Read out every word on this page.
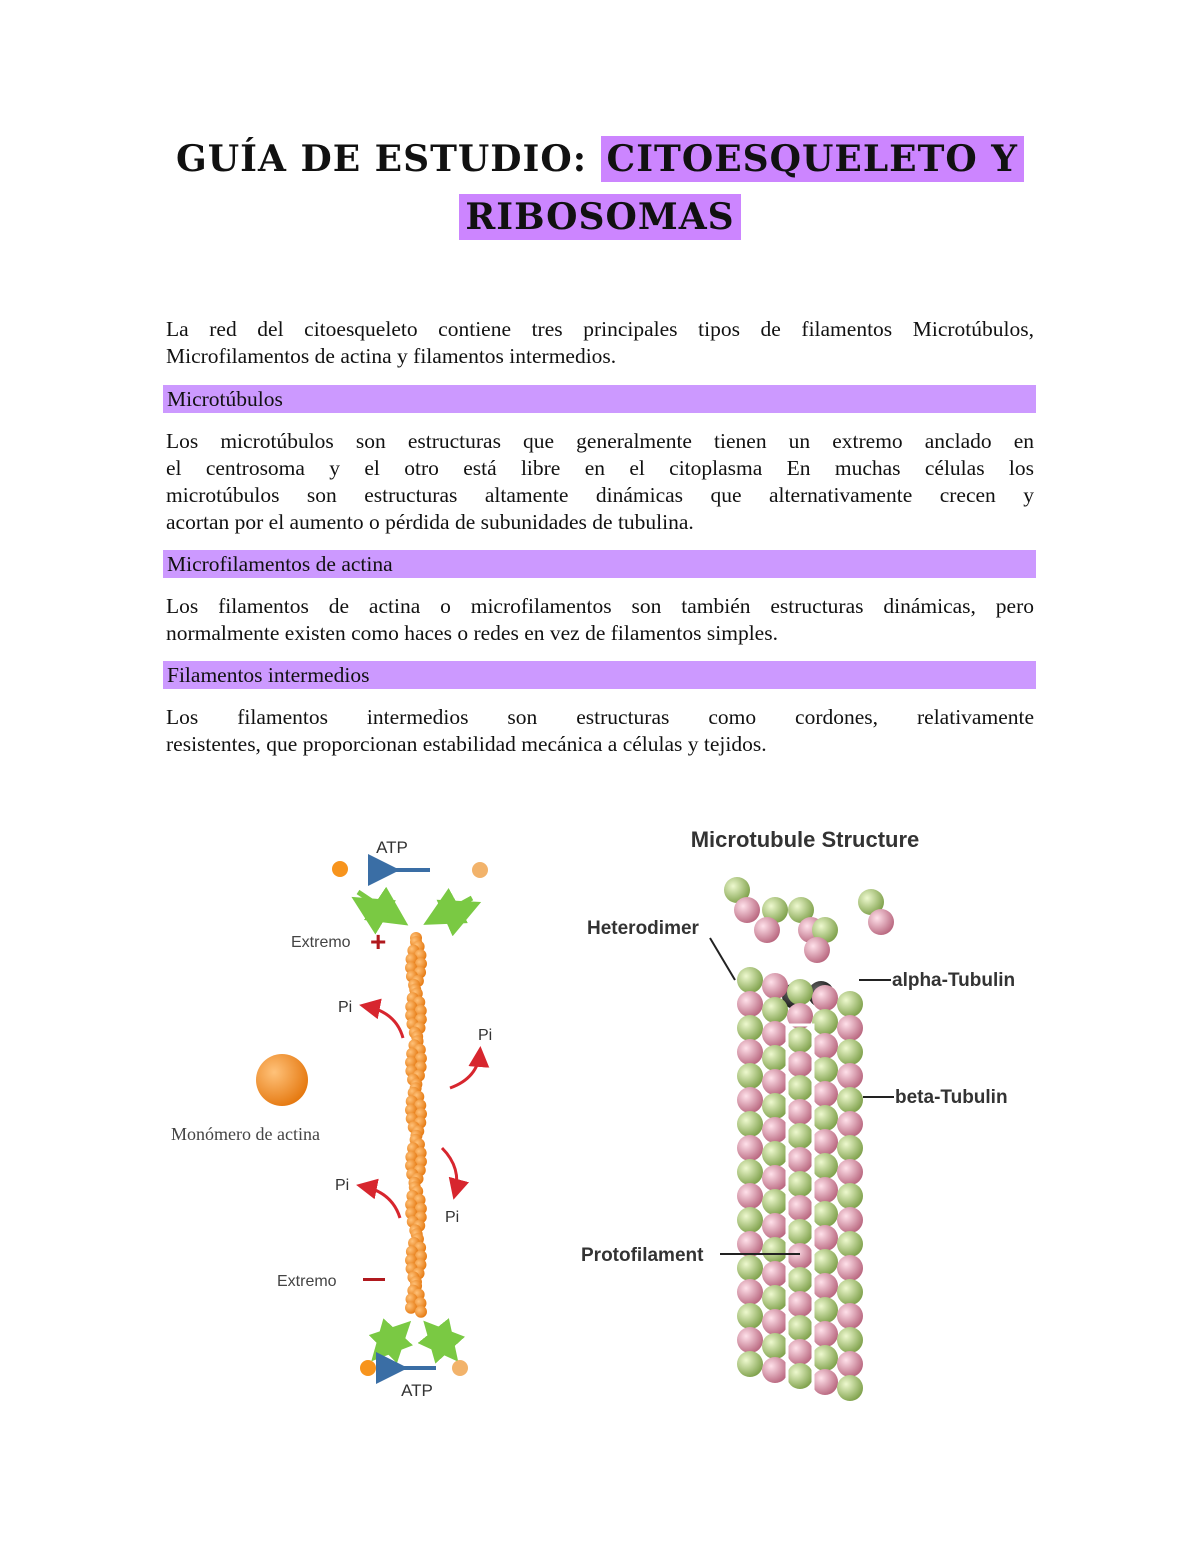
GUÍA DE ESTUDIO: CITOESQUELETO Y
RIBOSOMAS

La red del citoesqueleto contiene tres principales tipos de filamentos Microtúbulos,

Microfilamentos de actina y filamentos intermedios.

Microtúbulos

Los microtúbulos son estructuras que generalmente tienen un extremo anclado en

el centrosoma y el otro está libre en el citoplasma En muchas células los

microtúbulos son estructuras altamente dinámicas que alternativamente crecen y

acortan por el aumento o pérdida de subunidades de tubulina.

Microfilamentos de actina

Los filamentos de actina o microfilamentos son también estructuras dinámicas, pero

normalmente existen como haces o redes en vez de filamentos simples.

Filamentos intermedios

Los filamentos intermedios son estructuras como cordones, relativamente

resistentes, que proporcionan estabilidad mecánica a células y tejidos.

ATP
Extremo +
Pi
Pi
Pi
Pi
Monómero de actina
Extremo
ATP
Microtubule Structure
Heterodimer
alpha-Tubulin
beta-Tubulin
Protofilament
